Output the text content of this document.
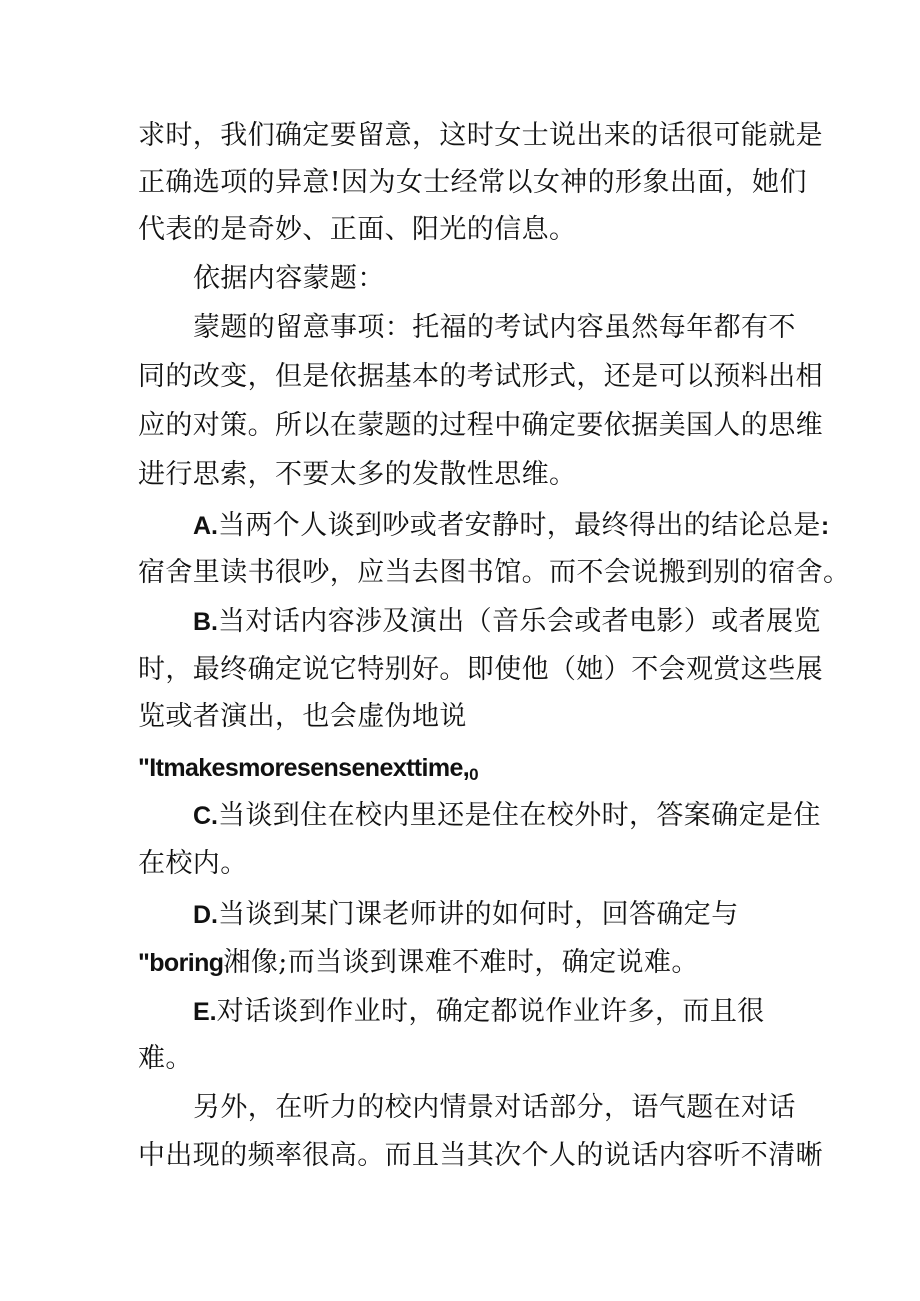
求时，我们确定要留意，这时女士说出来的话很可能就是
正确选项的异意!因为女士经常以女神的形象出面，她们
代表的是奇妙、正面、阳光的信息。
依据内容蒙题：
蒙题的留意事项：托福的考试内容虽然每年都有不
同的改变，但是依据基本的考试形式，还是可以预料出相
应的对策。所以在蒙题的过程中确定要依据美国人的思维
进行思索，不要太多的发散性思维。
A.当两个人谈到吵或者安静时，最终得出的结论总是:
宿舍里读书很吵，应当去图书馆。而不会说搬到别的宿舍。
B.当对话内容涉及演出（音乐会或者电影）或者展览
时，最终确定说它特别好。即使他（她）不会观赏这些展
览或者演出，也会虚伪地说
"$Itmakesmoresensenexttime,_0$
C.当谈到住在校内里还是住在校外时，答案确定是住
在校内。
D.当谈到某门课老师讲的如何时，回答确定与
"boring湘像;而当谈到课难不难时，确定说难。
E.对话谈到作业时，确定都说作业许多，而且很
难。
另外，在听力的校内情景对话部分，语气题在对话
中出现的频率很高。而且当其次个人的说话内容听不清晰
